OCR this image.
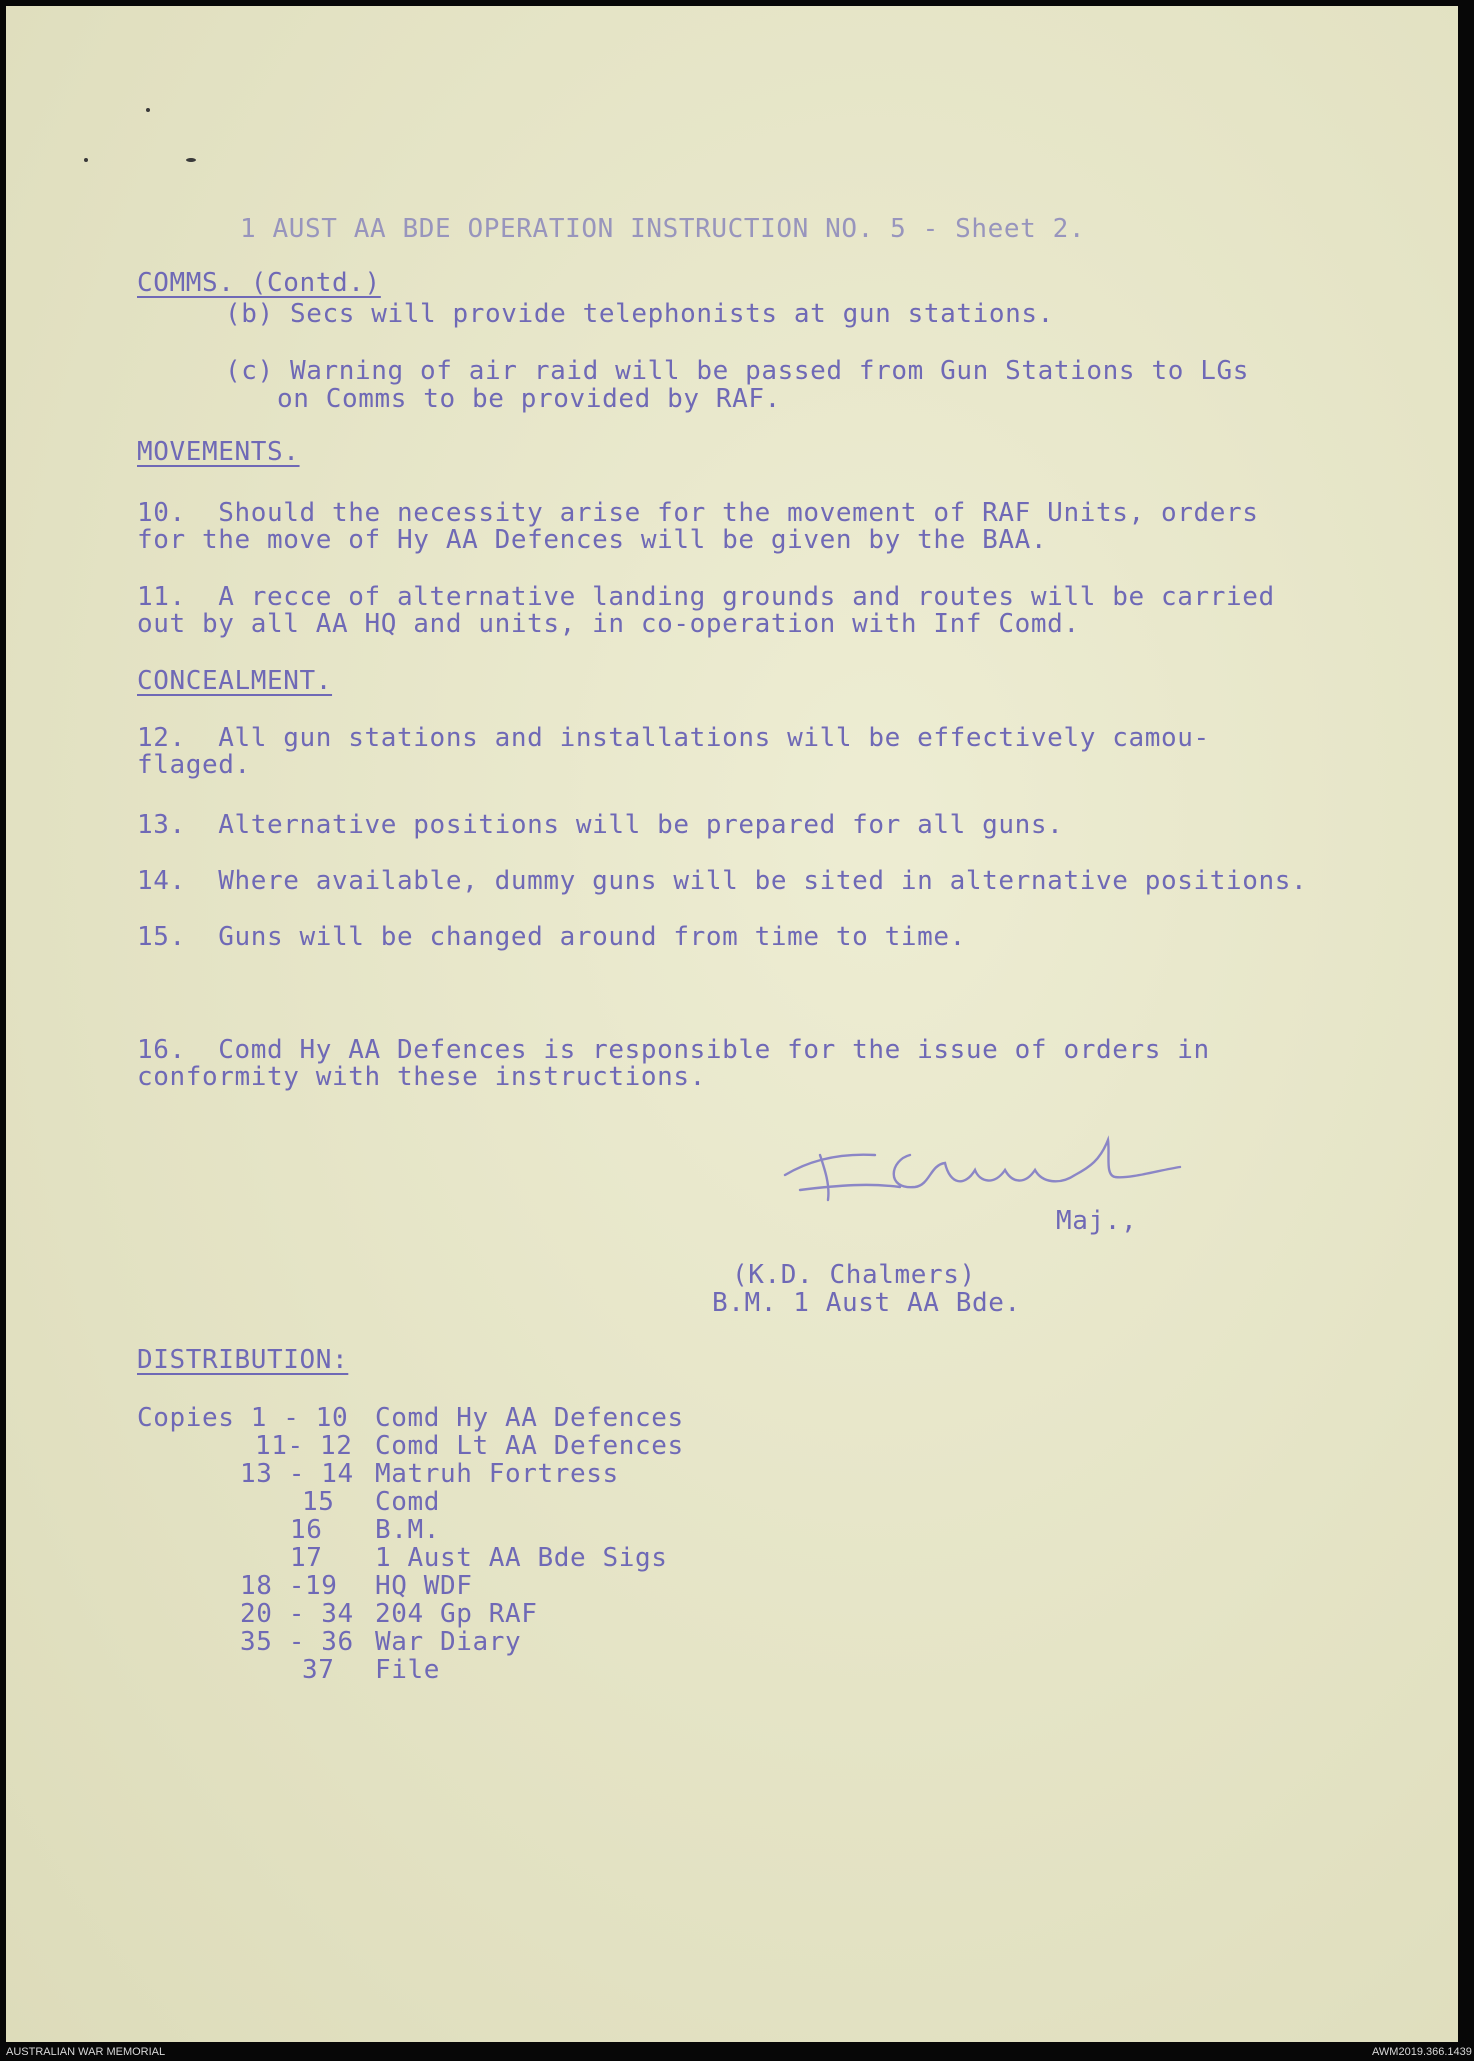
1 AUST AA BDE OPERATION INSTRUCTION NO. 5 - Sheet 2.

COMMS. (Contd.)

(b) Secs will provide telephonists at gun stations.

(c) Warning of air raid will be passed from Gun Stations to LGs

on Comms to be provided by RAF.

MOVEMENTS.

10.  Should the necessity arise for the movement of RAF Units, orders

for the move of Hy AA Defences will be given by the BAA.

11.  A recce of alternative landing grounds and routes will be carried

out by all AA HQ and units, in co-operation with Inf Comd.

CONCEALMENT.

12.  All gun stations and installations will be effectively camou-

flaged.

13.  Alternative positions will be prepared for all guns.

14.  Where available, dummy guns will be sited in alternative positions.

15.  Guns will be changed around from time to time.

16.  Comd Hy AA Defences is responsible for the issue of orders in

conformity with these instructions.

Maj.,

(K.D. Chalmers)

B.M. 1 Aust AA Bde.

DISTRIBUTION:

Copies 1 - 10 Comd Hy AA Defences

11- 12 Comd Lt AA Defences

13 - 14 Matruh Fortress

15 Comd

16 B.M.

17 1 Aust AA Bde Sigs

18 -19 HQ WDF

20 - 34 204 Gp RAF

35 - 36 War Diary

37 File

AUSTRALIAN WAR MEMORIAL	AWM2019.366.1439
